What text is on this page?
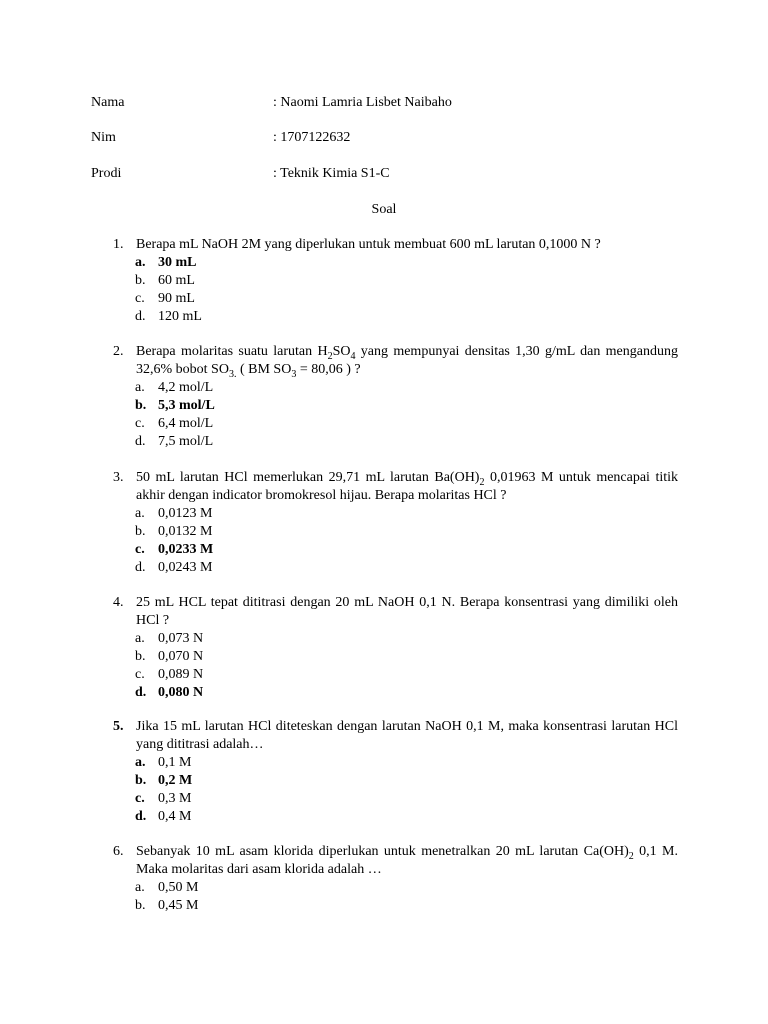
Nama	: Naomi Lamria Lisbet Naibaho
Nim	: 1707122632
Prodi	: Teknik Kimia S1-C
Soal
1. Berapa mL NaOH 2M yang diperlukan untuk membuat 600 mL larutan 0,1000 N ?
a. 30 mL
b. 60 mL
c. 90 mL
d. 120 mL
2. Berapa molaritas suatu larutan $H_2SO_4$ yang mempunyai densitas 1,30 g/mL dan mengandung 32,6% bobot $SO_{3.}$ ( BM $SO_3 = 80,06$ ) ?
a. 4,2 mol/L
b. 5,3 mol/L
c. 6,4 mol/L
d. 7,5 mol/L
3. 50 mL larutan HCl memerlukan 29,71 mL larutan $Ba(OH)_2$ 0,01963 M untuk mencapai titik akhir dengan indicator bromokresol hijau. Berapa molaritas HCl ?
a. 0,0123 M
b. 0,0132 M
c. 0,0233 M
d. 0,0243 M
4. 25 mL HCL tepat dititrasi dengan 20 mL NaOH 0,1 N. Berapa konsentrasi yang dimiliki oleh HCl ?
a. 0,073 N
b. 0,070 N
c. 0,089 N
d. 0,080 N
5. Jika 15 mL larutan HCl diteteskan dengan larutan NaOH 0,1 M, maka konsentrasi larutan HCl yang dititrasi adalah…
a. 0,1 M
b. 0,2 M
c. 0,3 M
d. 0,4 M
6. Sebanyak 10 mL asam klorida diperlukan untuk menetralkan 20 mL larutan $Ca(OH)_2$ 0,1 M. Maka molaritas dari asam klorida adalah …
a. 0,50 M
b. 0,45 M
